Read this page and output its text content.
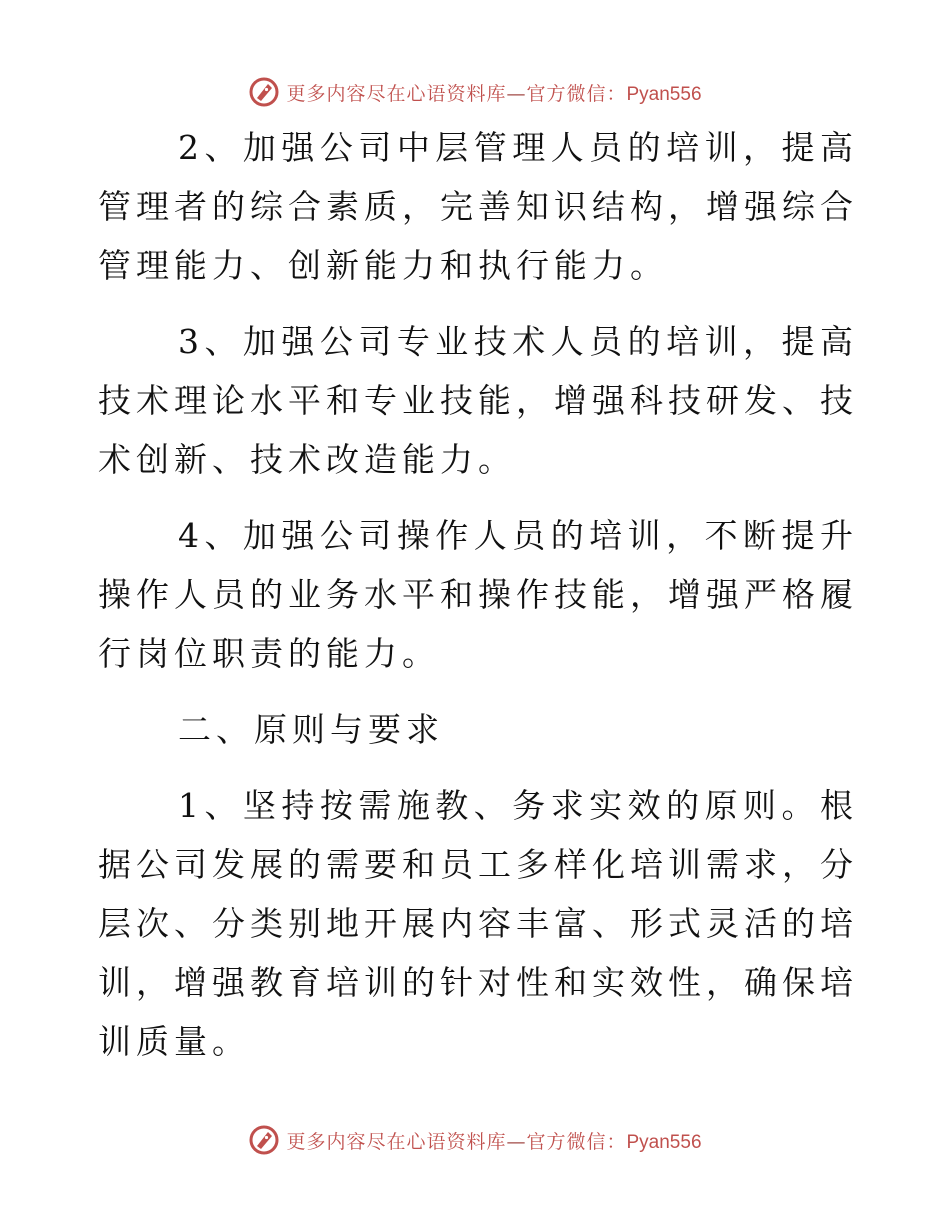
更多内容尽在心语资料库—官方微信：Pyan556

2、加强公司中层管理人员的培训，提高管理者的综合素质，完善知识结构，增强综合管理能力、创新能力和执行能力。

3、加强公司专业技术人员的培训，提高技术理论水平和专业技能，增强科技研发、技术创新、技术改造能力。

4、加强公司操作人员的培训，不断提升操作人员的业务水平和操作技能，增强严格履行岗位职责的能力。

二、原则与要求

1、坚持按需施教、务求实效的原则。根据公司发展的需要和员工多样化培训需求，分层次、分类别地开展内容丰富、形式灵活的培训，增强教育培训的针对性和实效性，确保培训质量。

更多内容尽在心语资料库—官方微信：Pyan556
